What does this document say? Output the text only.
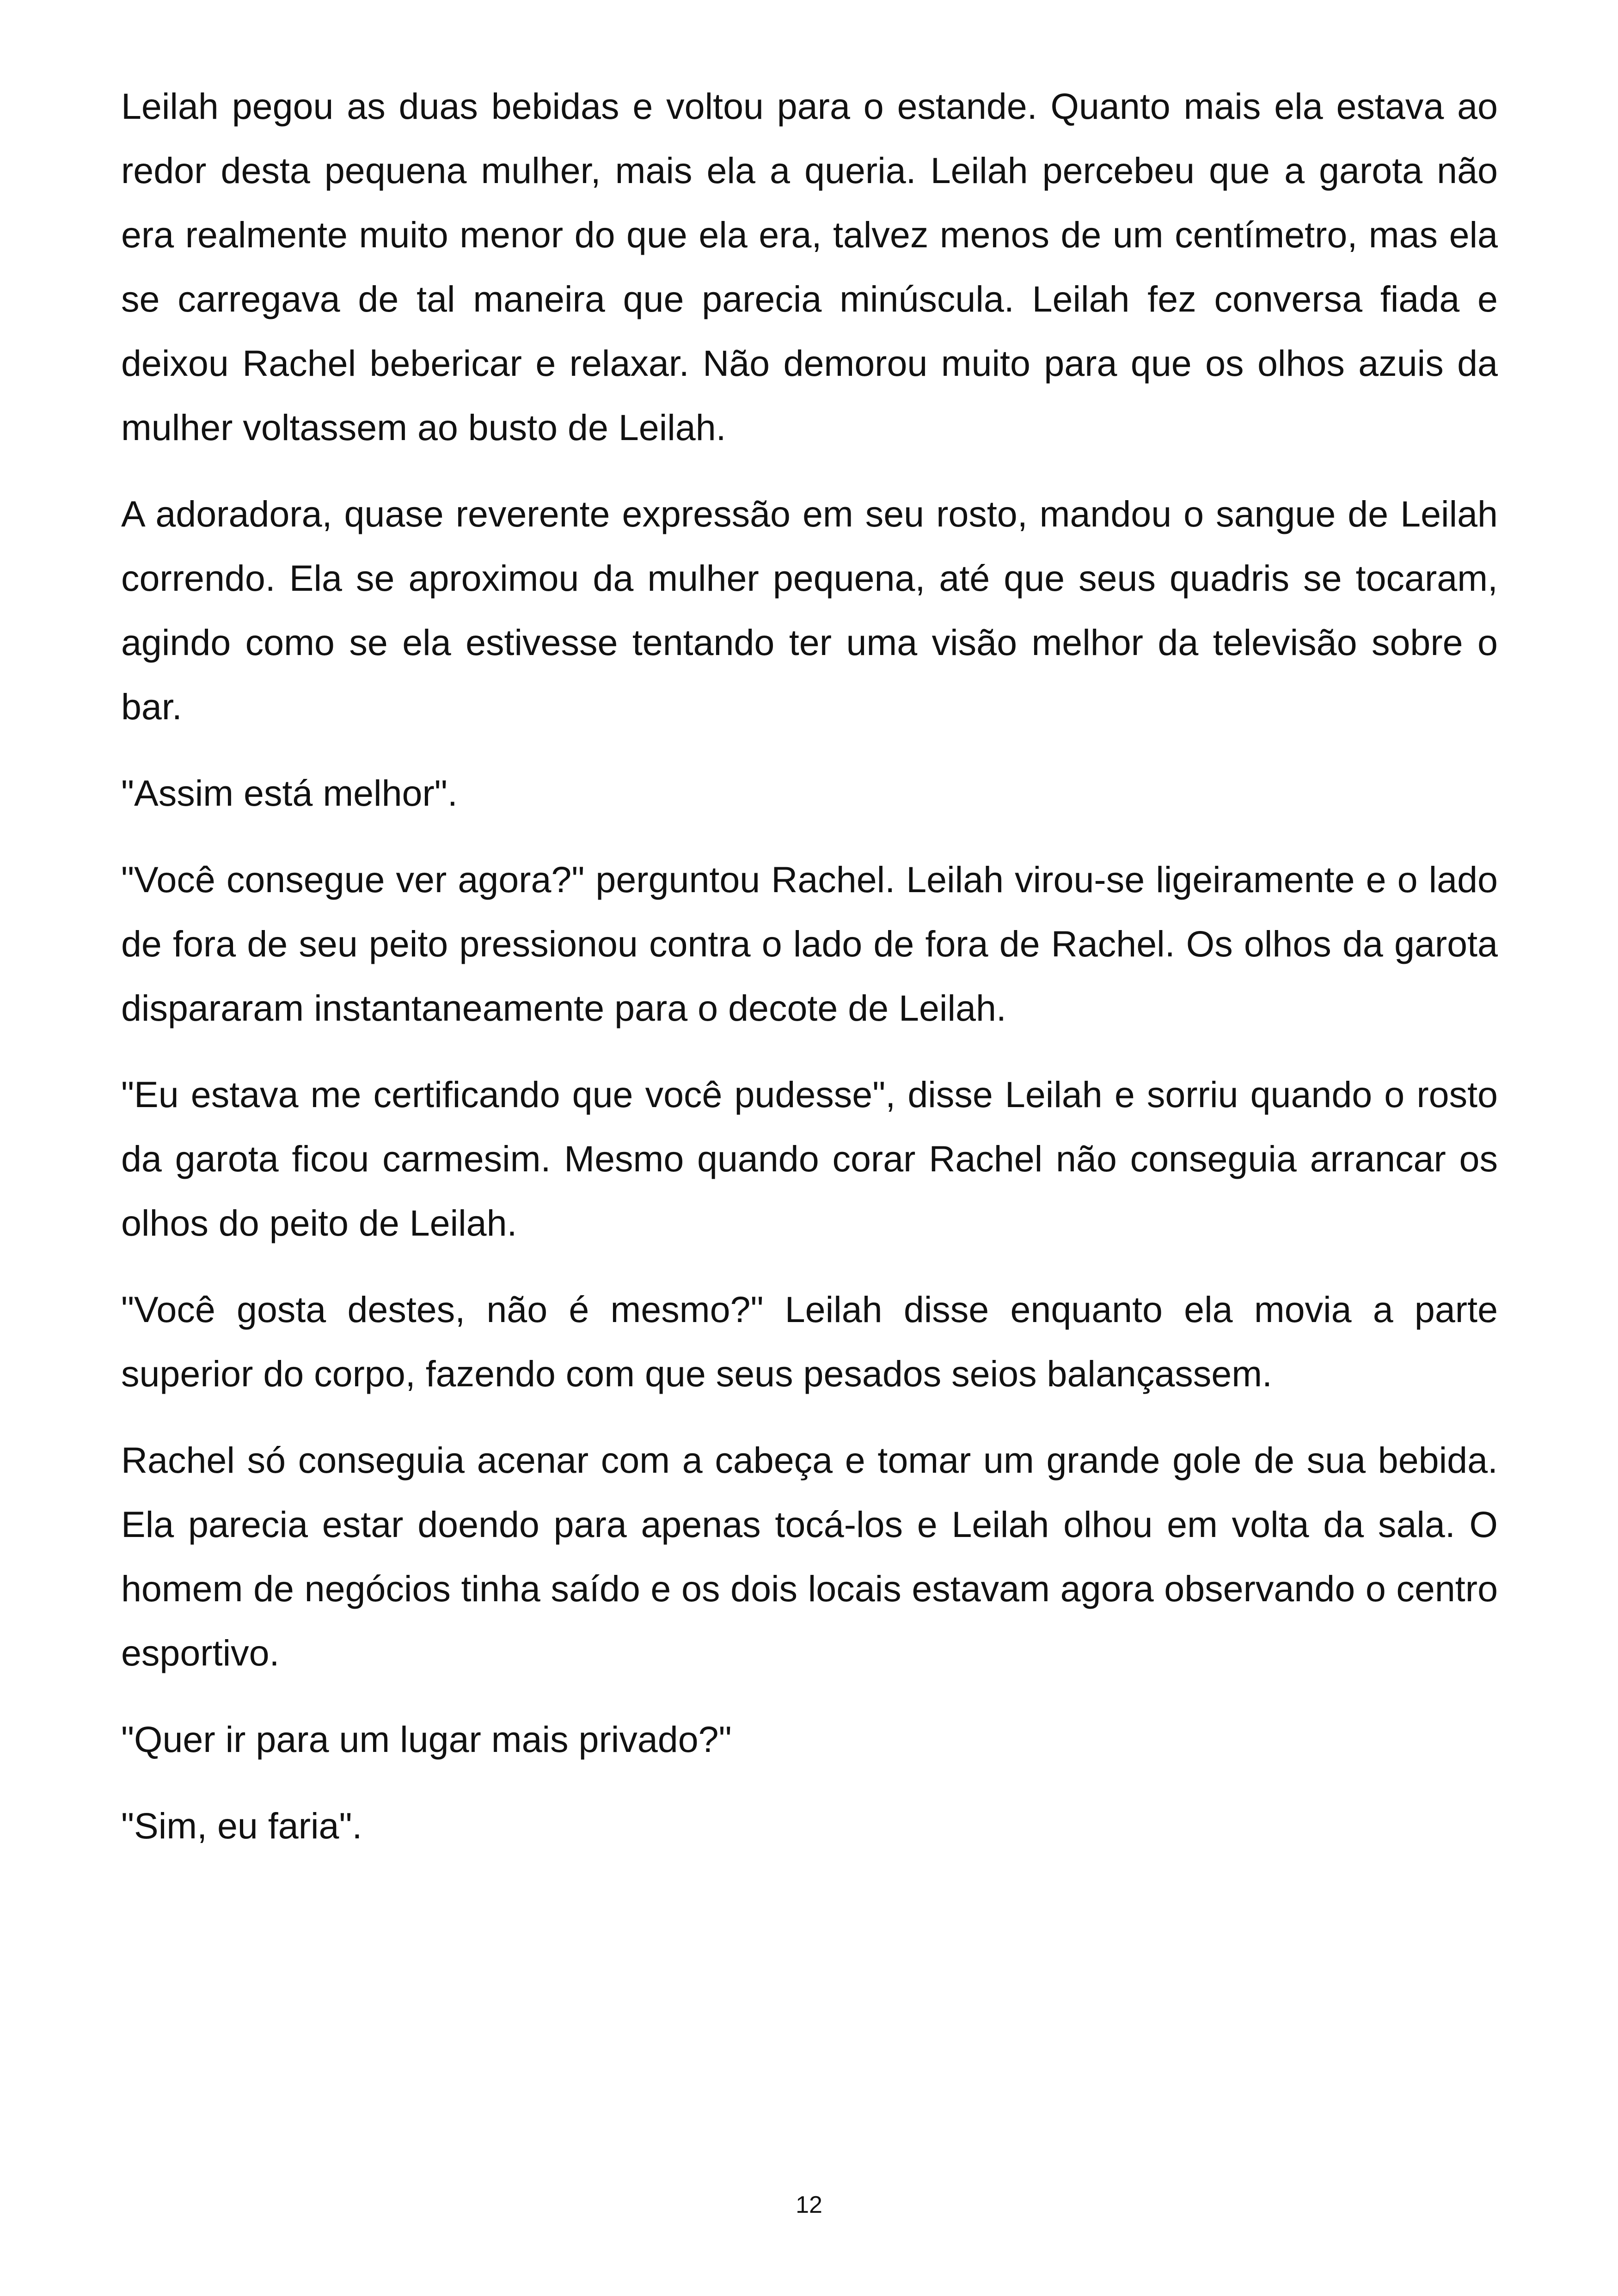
Leilah pegou as duas bebidas e voltou para o estande. Quanto mais ela estava ao redor desta pequena mulher, mais ela a queria. Leilah percebeu que a garota não era realmente muito menor do que ela era, talvez menos de um centímetro, mas ela se carregava de tal maneira que parecia minúscula. Leilah fez conversa fiada e deixou Rachel bebericar e relaxar. Não demorou muito para que os olhos azuis da mulher voltassem ao busto de Leilah.

A adoradora, quase reverente expressão em seu rosto, mandou o sangue de Leilah correndo. Ela se aproximou da mulher pequena, até que seus quadris se tocaram, agindo como se ela estivesse tentando ter uma visão melhor da televisão sobre o bar.

"Assim está melhor".

"Você consegue ver agora?" perguntou Rachel. Leilah virou-se ligeiramente e o lado de fora de seu peito pressionou contra o lado de fora de Rachel. Os olhos da garota dispararam instantaneamente para o decote de Leilah.

"Eu estava me certificando que você pudesse", disse Leilah e sorriu quando o rosto da garota ficou carmesim. Mesmo quando corar Rachel não conseguia arrancar os olhos do peito de Leilah.

"Você gosta destes, não é mesmo?" Leilah disse enquanto ela movia a parte superior do corpo, fazendo com que seus pesados seios balançassem.

Rachel só conseguia acenar com a cabeça e tomar um grande gole de sua bebida. Ela parecia estar doendo para apenas tocá-los e Leilah olhou em volta da sala. O homem de negócios tinha saído e os dois locais estavam agora observando o centro esportivo.

"Quer ir para um lugar mais privado?"

"Sim, eu faria".

12
